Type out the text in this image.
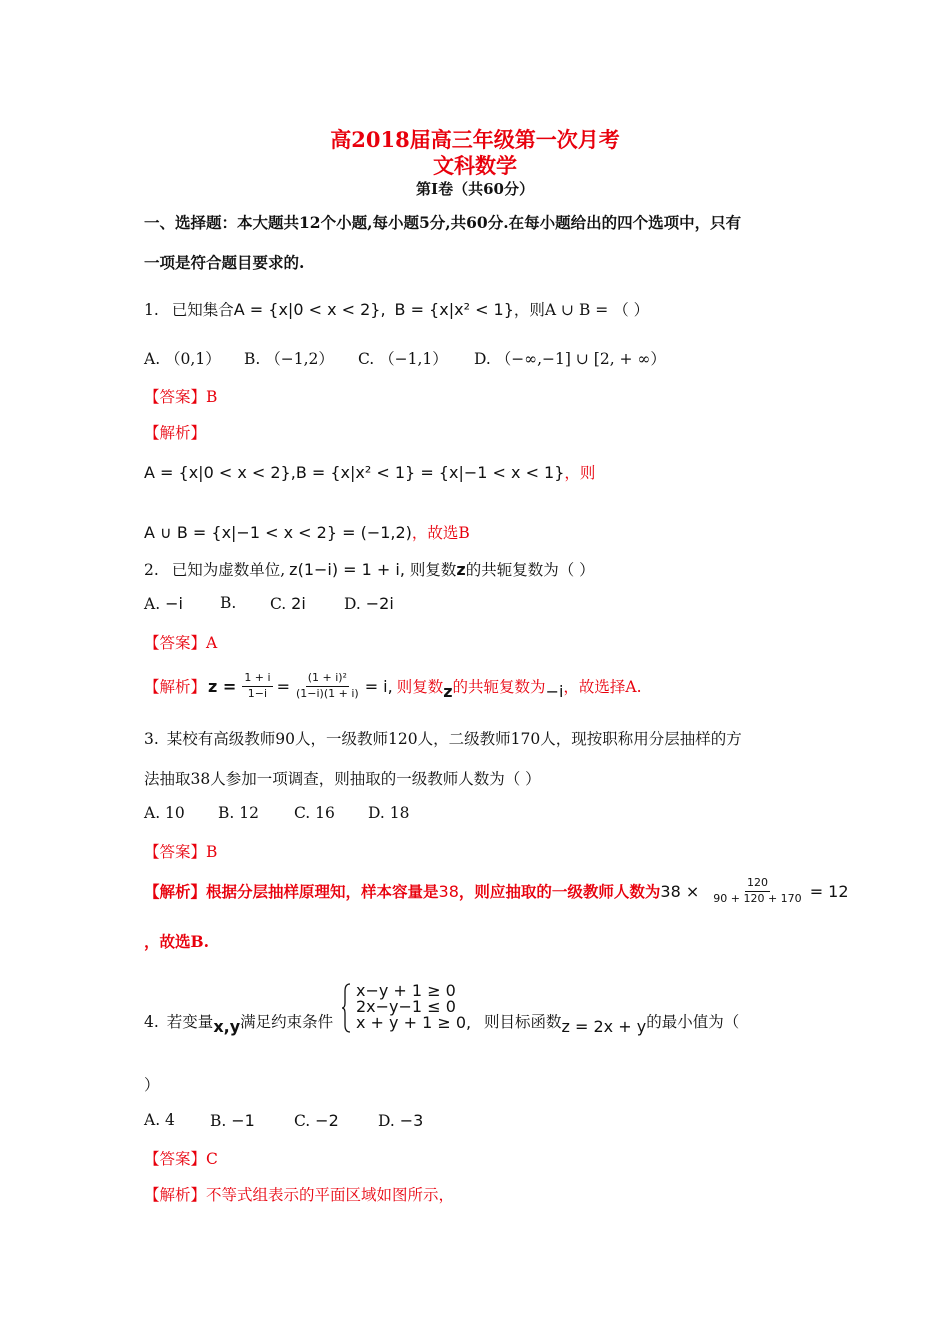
高2018届高三年级第一次月考
文科数学
第I卷（共60分）
一、选择题：本大题共12个小题,每小题5分,共60分.在每小题给出的四个选项中，只有
一项是符合题目要求的.
1. 已知集合A = {x|0 < x < 2}, B = {x|x² < 1}，则A ∪ B = （ ）
A. （0,1） B. （−1,2） C. （−1,1） D. （−∞,−1] ∪ [2, + ∞）
【答案】B
【解析】
A = {x|0 < x < 2},B = {x|x² < 1} = {x|−1 < x < 1}，则
A ∪ B = {x|−1 < x < 2} = (−1,2)，故选B
2. 已知为虚数单位, z(1−i) = 1 + i, 则复数z的共轭复数为（ ）
A. −i B. C. 2i D. −2i
【答案】A
【解析】 $z = \frac{1 + i}{1-i} = \frac{\text{(1 + i)²}}{(1-i)(1 + i)} = i$, 则复数 z 的共轭复数为 −i ，故选择A.
3. 某校有高级教师90人，一级教师120人，二级教师170人，现按职称用分层抽样的方
法抽取38人参加一项调查，则抽取的一级教师人数为（ ）
A. 10 B. 12 C. 16 D. 18
【答案】B
【解析】 根据分层抽样原理知，样本容量是 38 ，则应抽取的一级教师人数为 $38 \times \frac{120}{90 + 120 + 170} = 12$
，故选B.
4. 若变量x,y满足约束条件
x−y + 1 ≥ 0
2x−y−1 ≤ 0
x + y + 1 ≥ 0, 则目标函数z = 2x + y的最小值为（
）
A. 4 B. −1	C. −2	D. −3
【答案】C
【解析】不等式组表示的平面区域如图所示，
